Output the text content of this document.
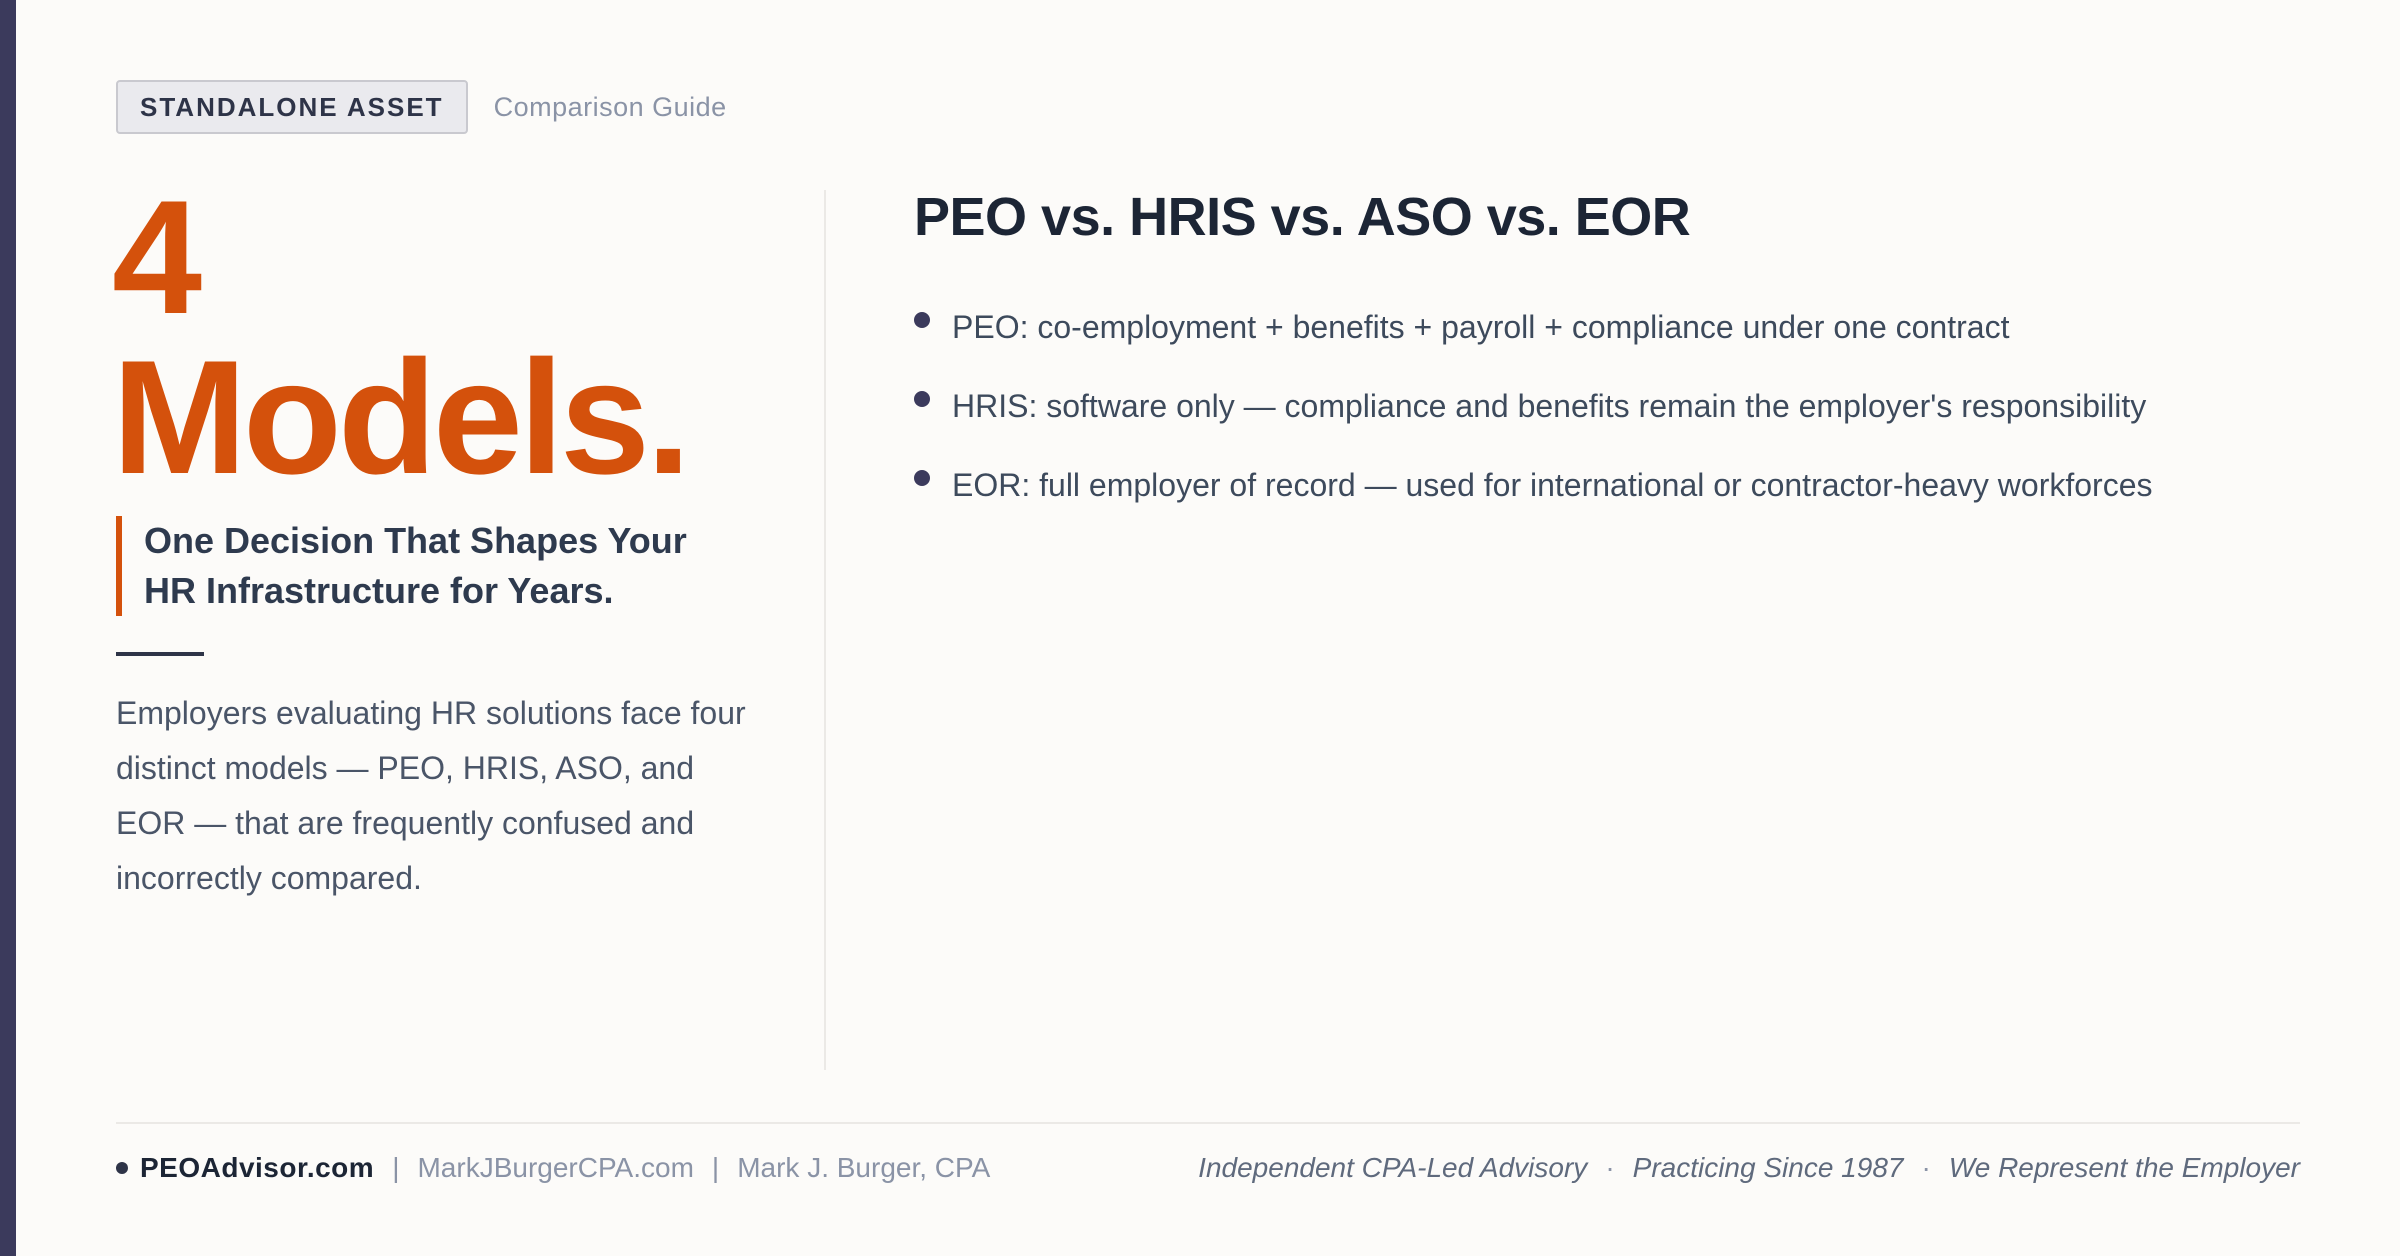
STANDALONE ASSET	Comparison Guide
4
Models.
One Decision That Shapes Your HR Infrastructure for Years.
Employers evaluating HR solutions face four distinct models — PEO, HRIS, ASO, and EOR — that are frequently confused and incorrectly compared.
PEO vs. HRIS vs. ASO vs. EOR
PEO: co-employment + benefits + payroll + compliance under one contract
HRIS: software only — compliance and benefits remain the employer's responsibility
EOR: full employer of record — used for international or contractor-heavy workforces
PEOAdvisor.com | MarkJBurgerCPA.com | Mark J. Burger, CPA	Independent CPA-Led Advisory · Practicing Since 1987 · We Represent the Employer
